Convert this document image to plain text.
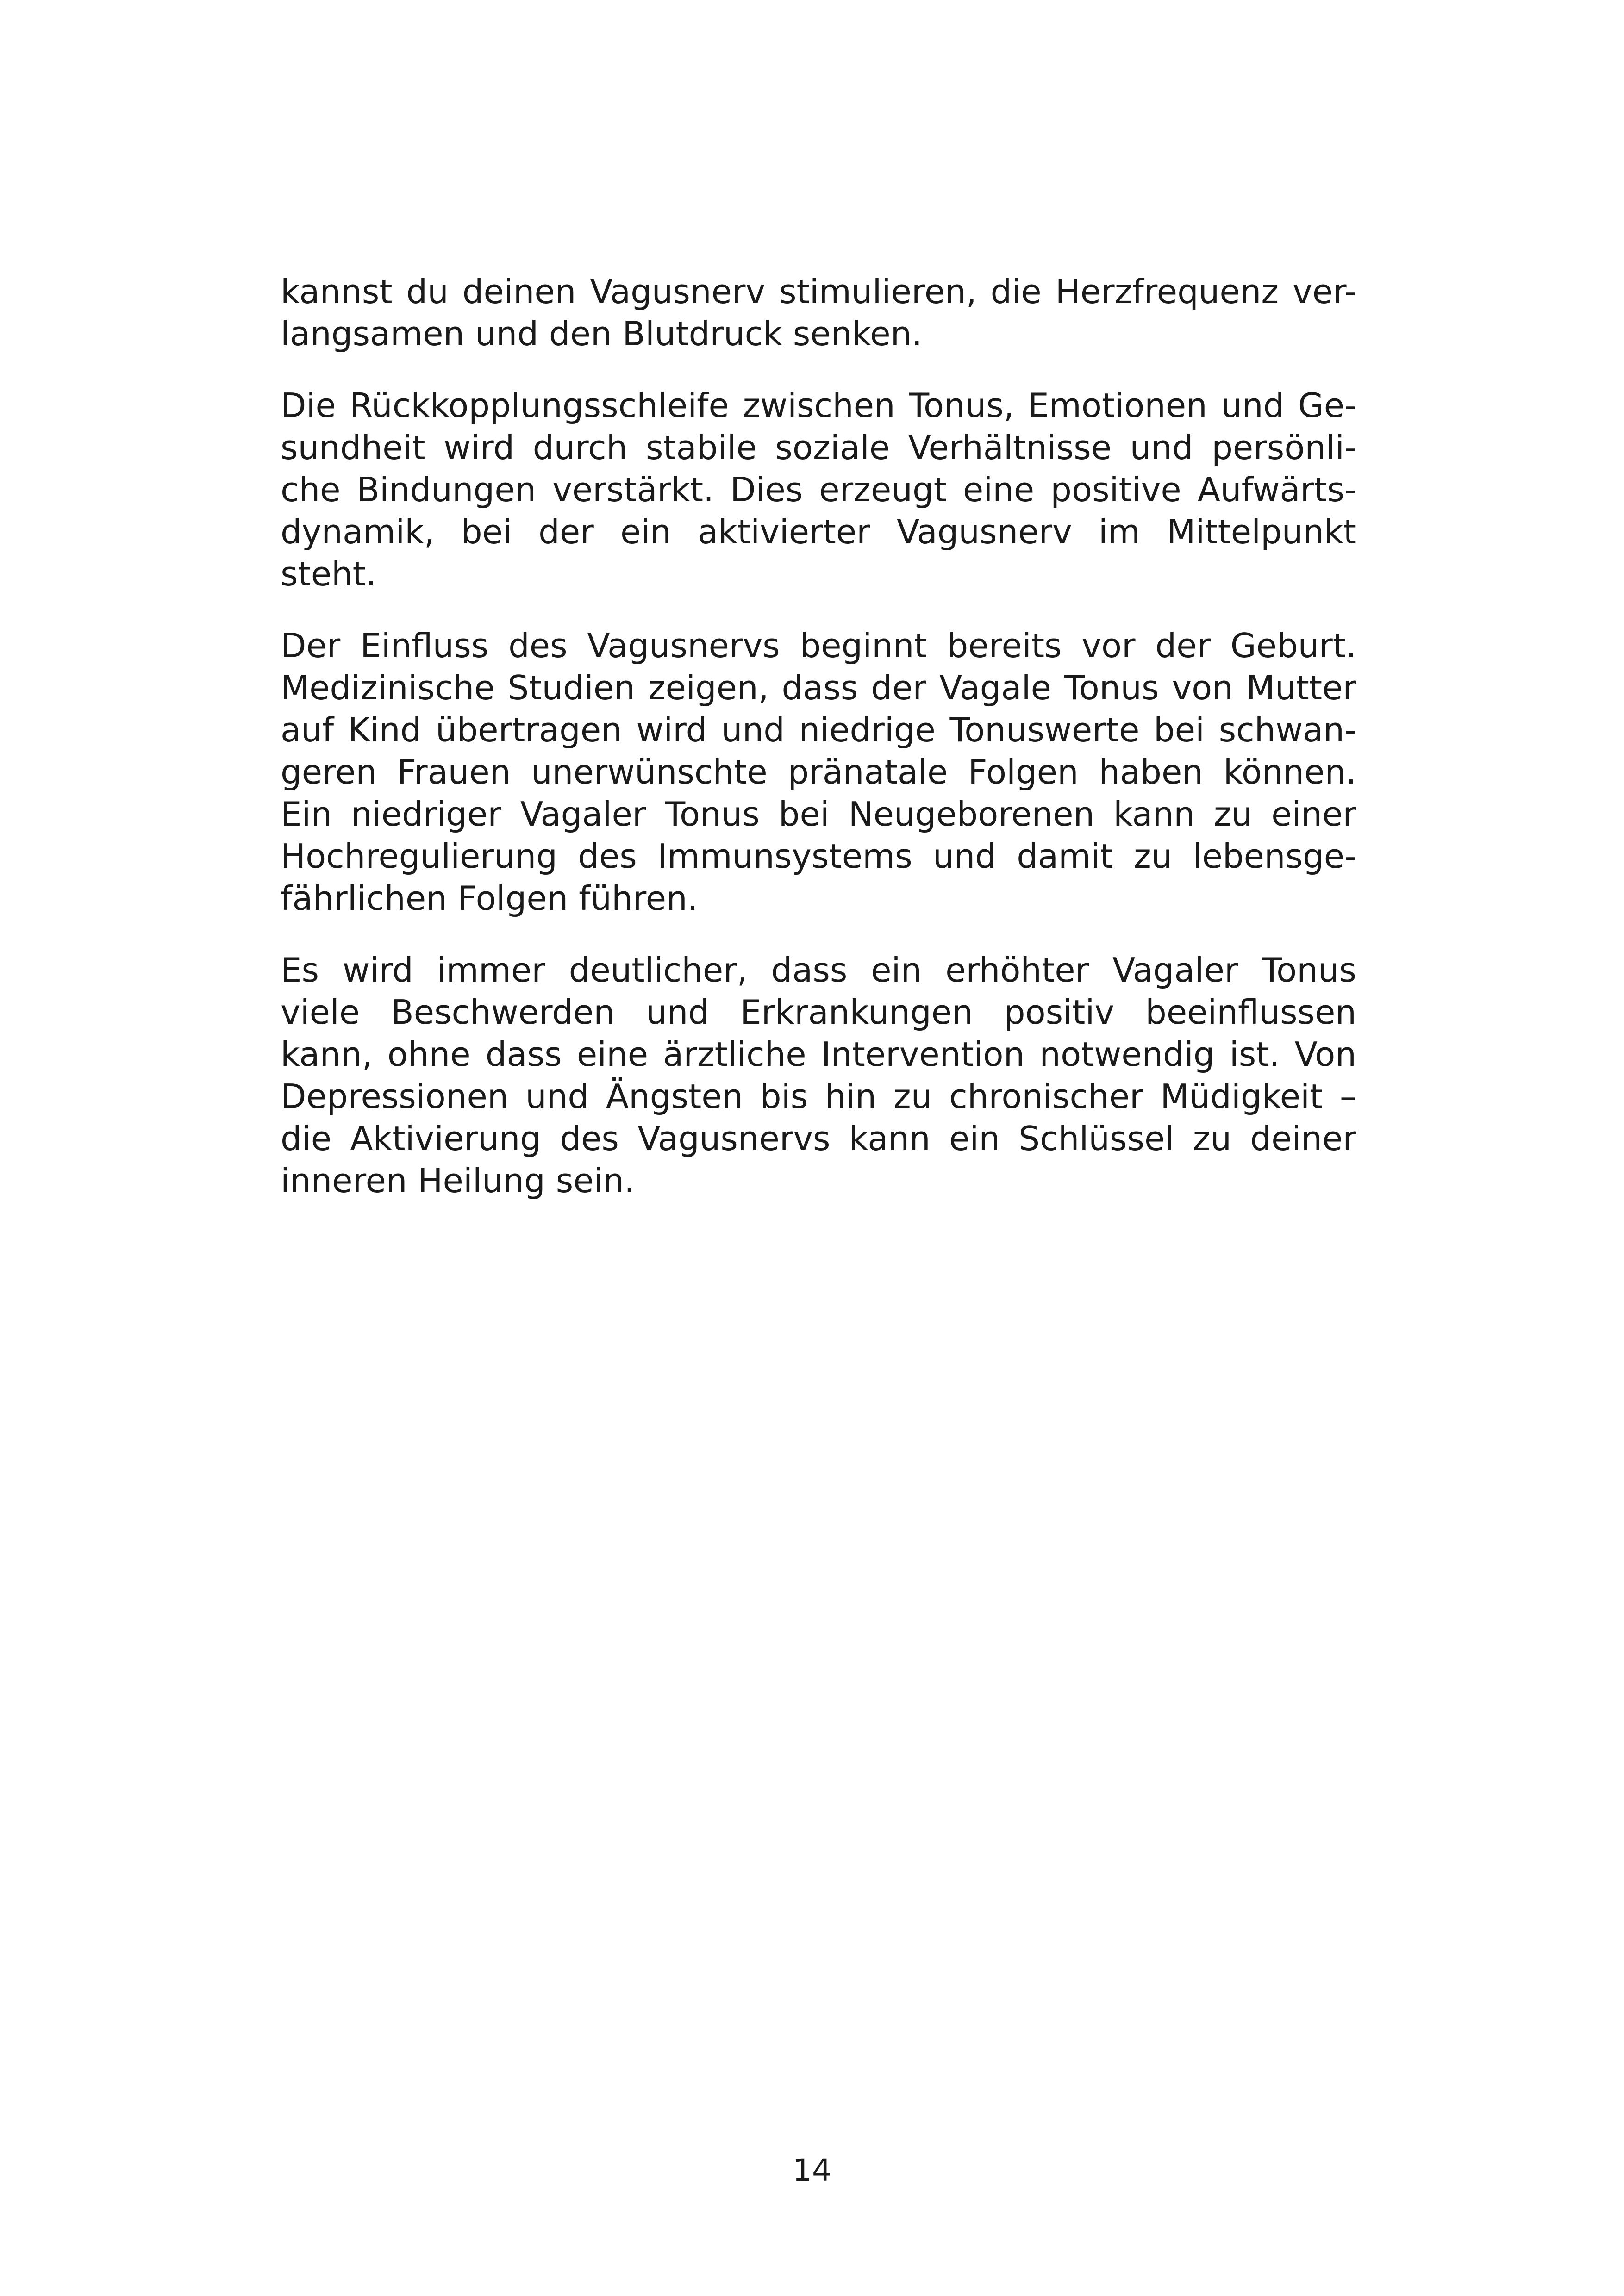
kannst du deinen Vagusnerv stimulieren, die Herzfrequenz ver-
langsamen und den Blutdruck senken.
Die Rückkopplungsschleife zwischen Tonus, Emotionen und Ge-
sundheit wird durch stabile soziale Verhältnisse und persönli-
che Bindungen verstärkt. Dies erzeugt eine positive Aufwärts-
dynamik, bei der ein aktivierter Vagusnerv im Mittelpunkt
steht.
Der Einfluss des Vagusnervs beginnt bereits vor der Geburt.
Medizinische Studien zeigen, dass der Vagale Tonus von Mutter
auf Kind übertragen wird und niedrige Tonuswerte bei schwan-
geren Frauen unerwünschte pränatale Folgen haben können.
Ein niedriger Vagaler Tonus bei Neugeborenen kann zu einer
Hochregulierung des Immunsystems und damit zu lebensge-
fährlichen Folgen führen.
Es wird immer deutlicher, dass ein erhöhter Vagaler Tonus
viele Beschwerden und Erkrankungen positiv beeinflussen
kann, ohne dass eine ärztliche Intervention notwendig ist. Von
Depressionen und Ängsten bis hin zu chronischer Müdigkeit –
die Aktivierung des Vagusnervs kann ein Schlüssel zu deiner
inneren Heilung sein.
14
